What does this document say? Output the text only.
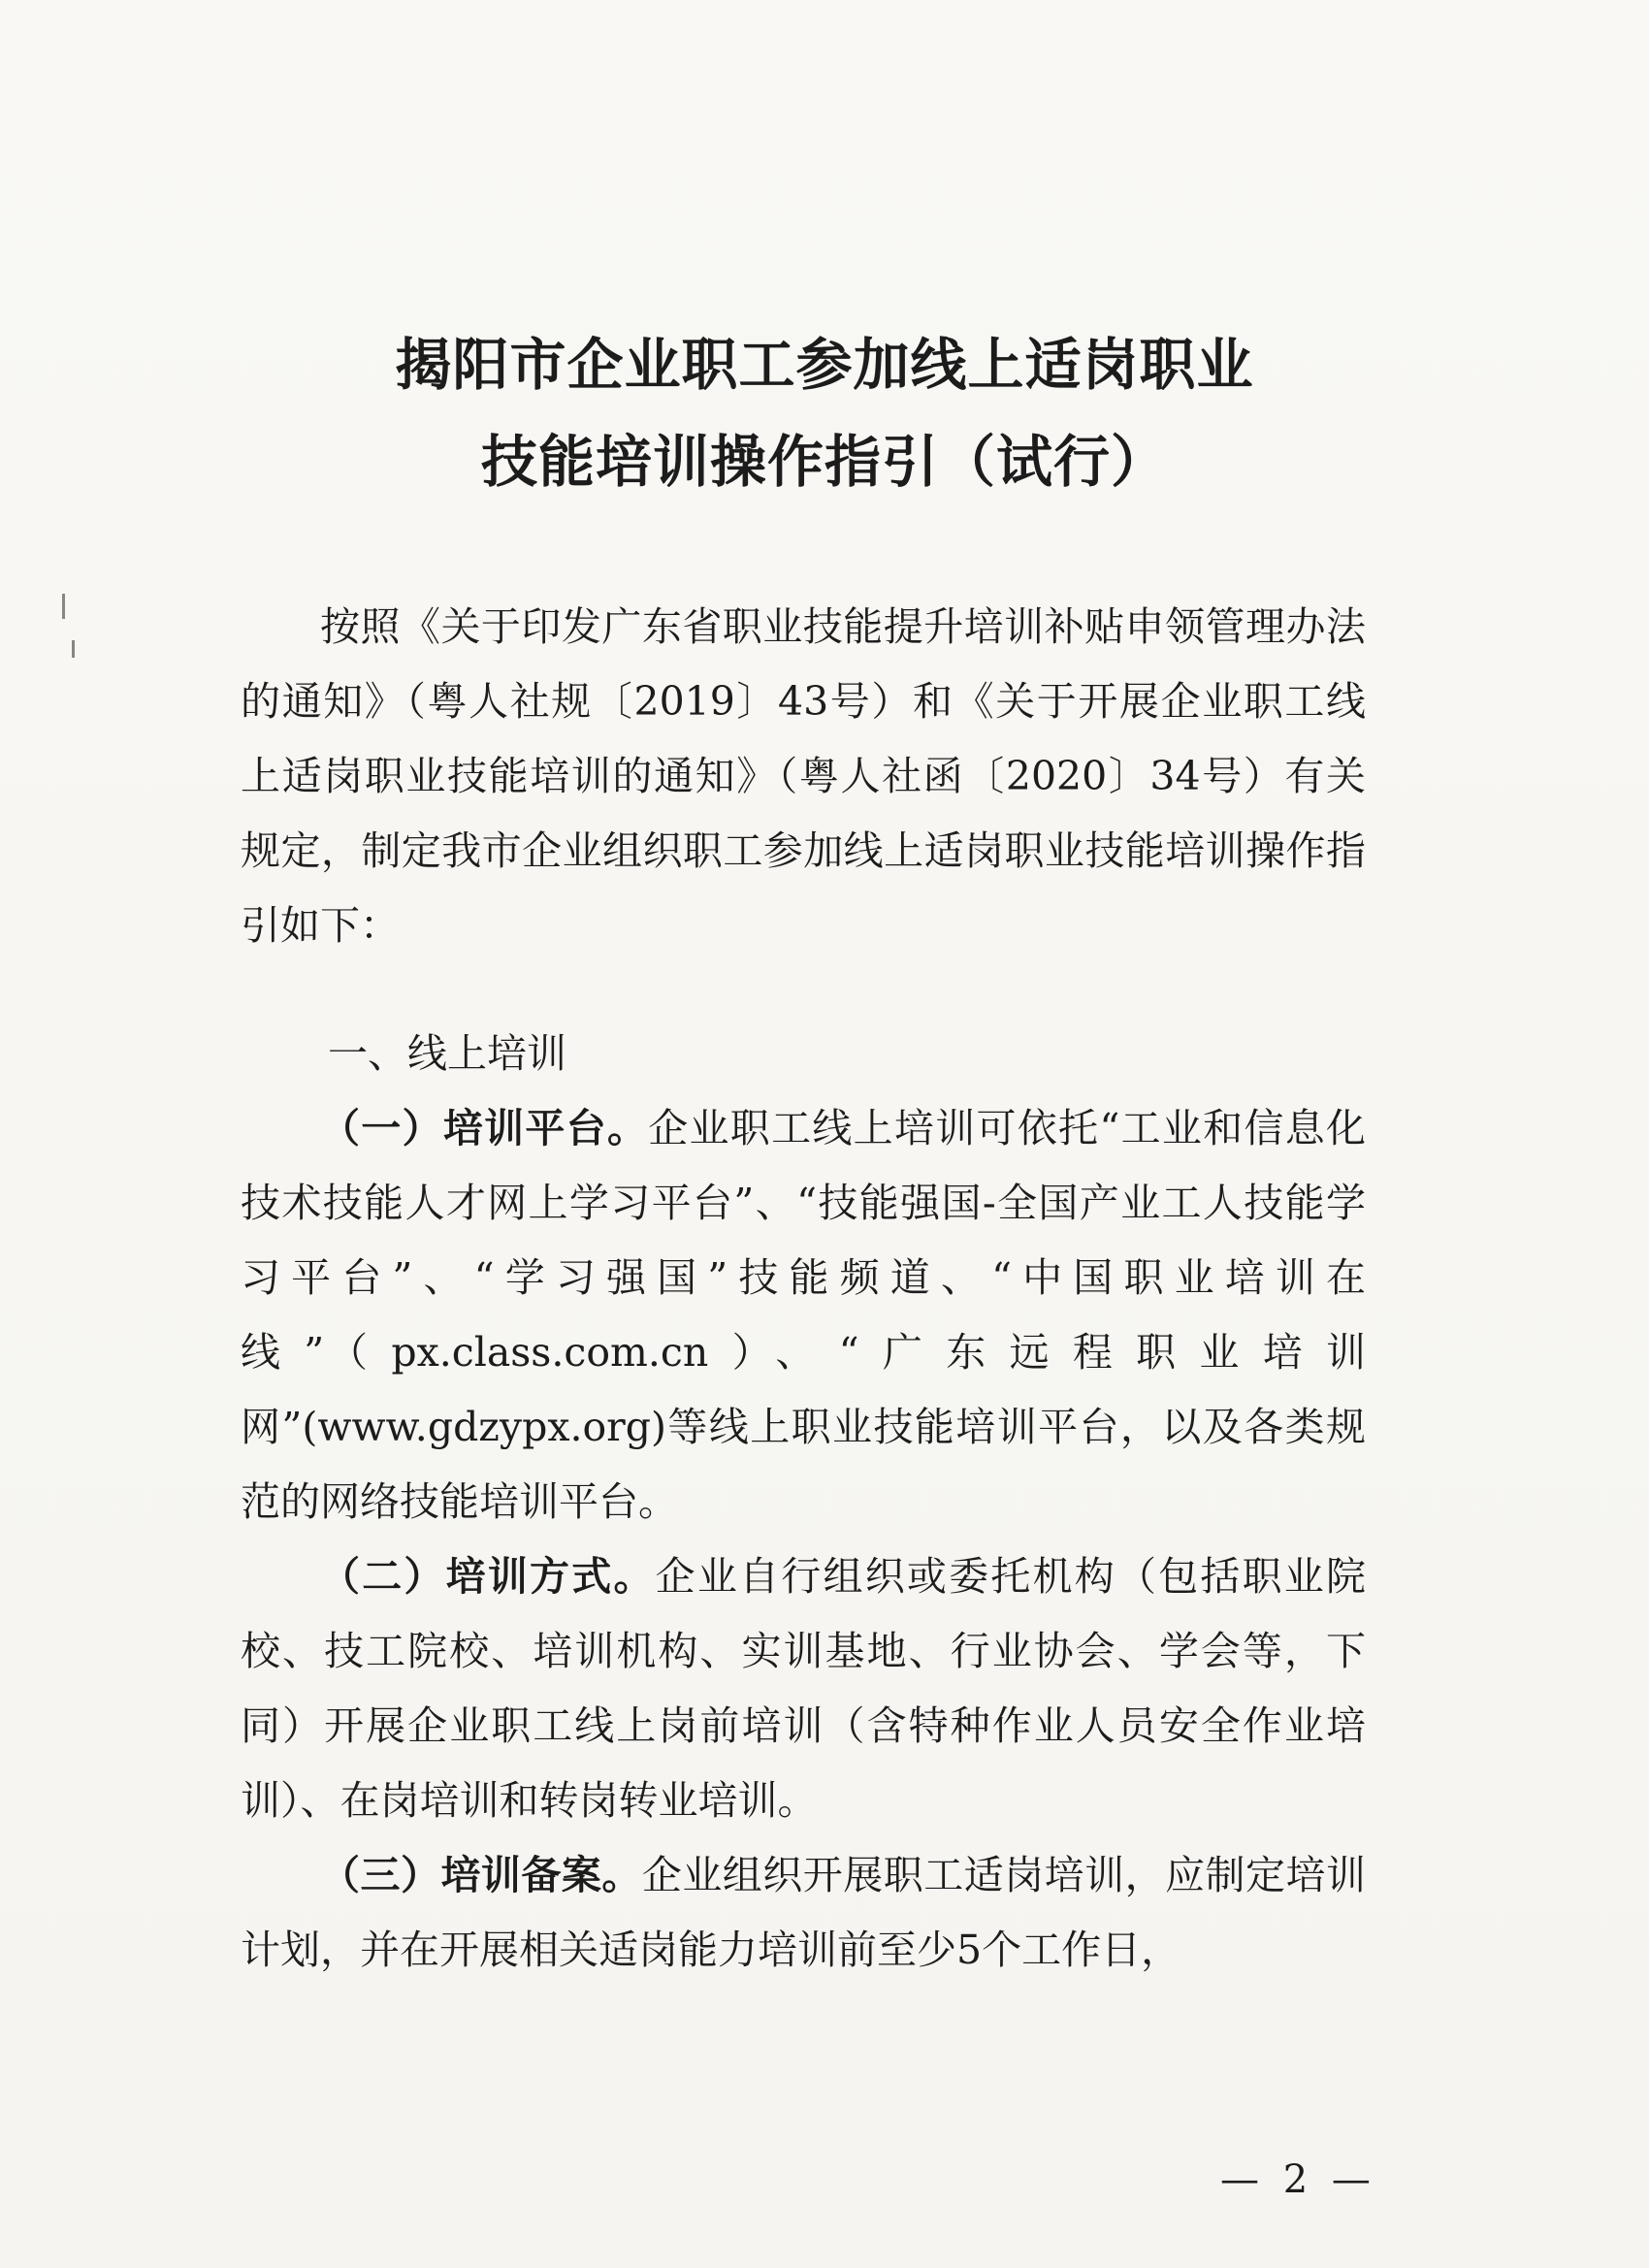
揭阳市企业职工参加线上适岗职业
技能培训操作指引（试行）

按照《关于印发广东省职业技能提升培训补贴申领管理办法的通知》（粤人社规〔2019〕43号）和《关于开展企业职工线上适岗职业技能培训的通知》（粤人社函〔2020〕34号）有关规定，制定我市企业组织职工参加线上适岗职业技能培训操作指引如下：

一、线上培训

（一）培训平台。企业职工线上培训可依托“工业和信息化技术技能人才网上学习平台”、“技能强国-全国产业工人技能学习平台”、“学习强国”技能频道、“中国职业培训在线”（px.class.com.cn）、“广东远程职业培训网”(www.gdzypx.org)等线上职业技能培训平台，以及各类规范的网络技能培训平台。

（二）培训方式。企业自行组织或委托机构（包括职业院校、技工院校、培训机构、实训基地、行业协会、学会等，下同）开展企业职工线上岗前培训（含特种作业人员安全作业培训）、在岗培训和转岗转业培训。

（三）培训备案。企业组织开展职工适岗培训，应制定培训计划，并在开展相关适岗能力培训前至少5个工作日，

— 2 —
